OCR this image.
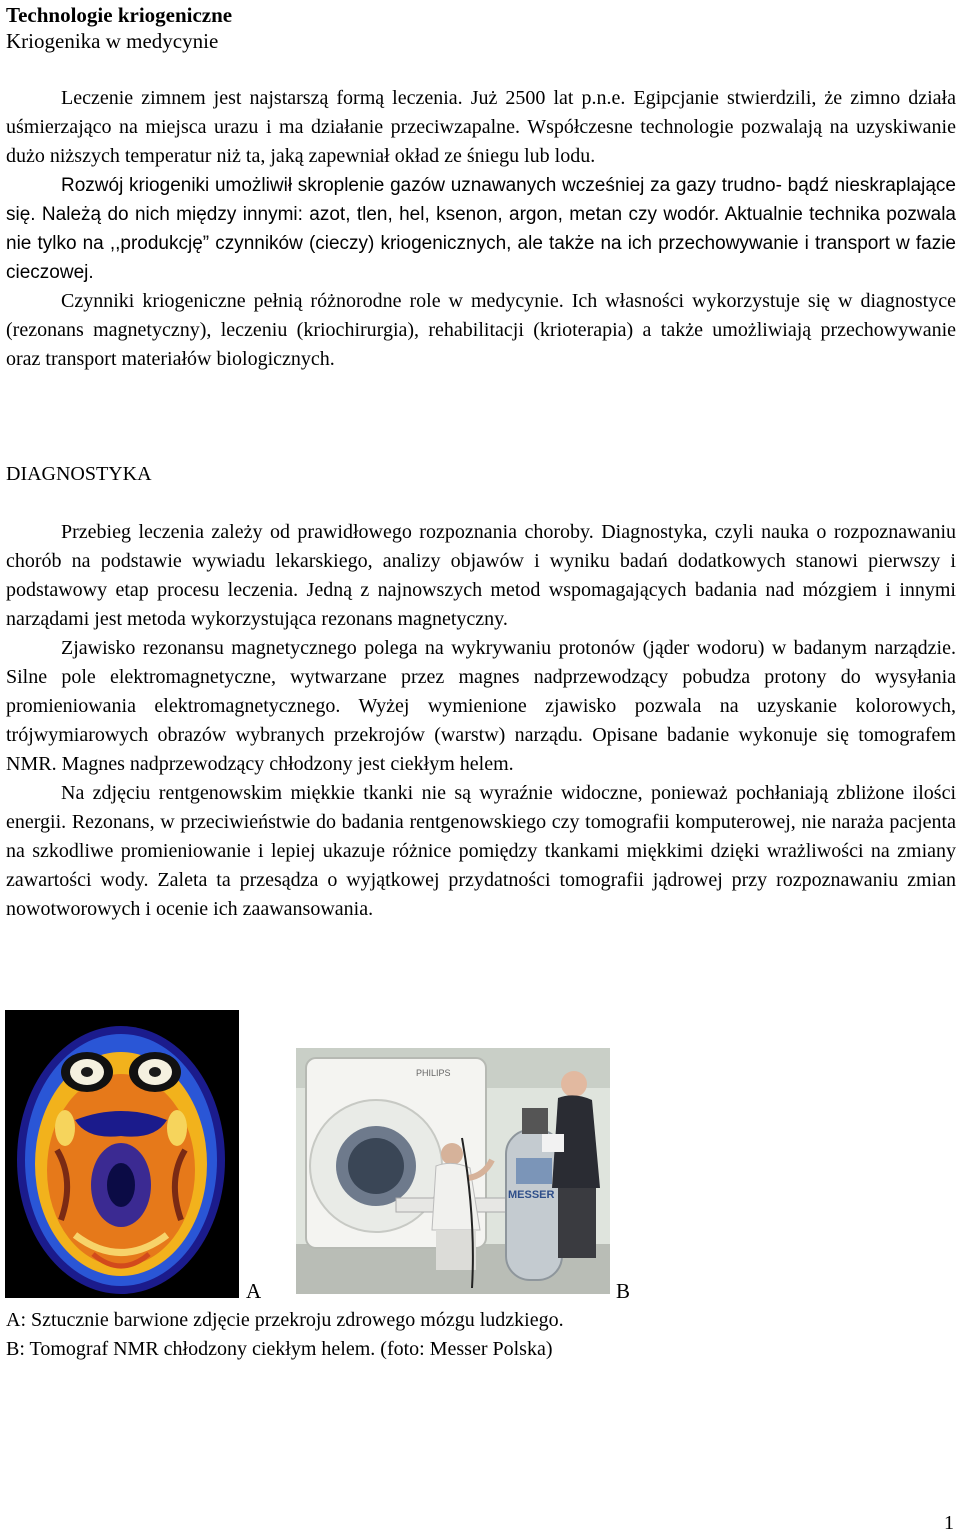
Technologie kriogeniczne
Kriogenika w medycynie

Leczenie zimnem jest najstarszą formą leczenia. Już 2500 lat p.n.e. Egipcjanie stwierdzili, że zimno działa uśmierzająco na miejsca urazu i ma działanie przeciwzapalne. Współczesne technologie pozwalają na uzyskiwanie dużo niższych temperatur niż ta, jaką zapewniał okład ze śniegu lub lodu.

Rozwój kriogeniki umożliwił skroplenie gazów uznawanych wcześniej za gazy trudno- bądź nieskraplające się. Należą do nich między innymi: azot, tlen, hel, ksenon, argon, metan czy wodór. Aktualnie technika pozwala nie tylko na ,,produkcję” czynników (cieczy) kriogenicznych, ale także na ich przechowywanie i transport w fazie cieczowej.

Czynniki kriogeniczne pełnią różnorodne role w medycynie. Ich własności wykorzystuje się w diagnostyce (rezonans magnetyczny), leczeniu (kriochirurgia), rehabilitacji (krioterapia) a także umożliwiają przechowywanie oraz transport materiałów biologicznych.

DIAGNOSTYKA

Przebieg leczenia zależy od prawidłowego rozpoznania choroby. Diagnostyka, czyli nauka o rozpoznawaniu chorób na podstawie wywiadu lekarskiego, analizy objawów i wyniku badań dodatkowych stanowi pierwszy i podstawowy etap procesu leczenia. Jedną z najnowszych metod wspomagających badania nad mózgiem i innymi narządami jest metoda wykorzystująca rezonans magnetyczny.

Zjawisko rezonansu magnetycznego polega na wykrywaniu protonów (jąder wodoru) w badanym narządzie. Silne pole elektromagnetyczne, wytwarzane przez magnes nadprzewodzący pobudza protony do wysyłania promieniowania elektromagnetycznego. Wyżej wymienione zjawisko pozwala na uzyskanie kolorowych, trójwymiarowych obrazów wybranych przekrojów (warstw) narządu. Opisane badanie wykonuje się tomografem NMR. Magnes nadprzewodzący chłodzony jest ciekłym helem.

Na zdjęciu rentgenowskim miękkie tkanki nie są wyraźnie widoczne, ponieważ pochłaniają zbliżone ilości energii. Rezonans, w przeciwieństwie do badania rentgenowskiego czy tomografii komputerowej, nie naraża pacjenta na szkodliwe promieniowanie i lepiej ukazuje różnice pomiędzy tkankami miękkimi dzięki wrażliwości na zmiany zawartości wody. Zaleta ta przesądza o wyjątkowej przydatności tomografii jądrowej przy rozpoznawaniu zmian nowotworowych i ocenie ich zaawansowania.

A
PHILIPS
MESSER
B
A: Sztucznie barwione zdjęcie przekroju zdrowego mózgu ludzkiego.
B: Tomograf NMR chłodzony ciekłym helem. (foto: Messer Polska)
1
